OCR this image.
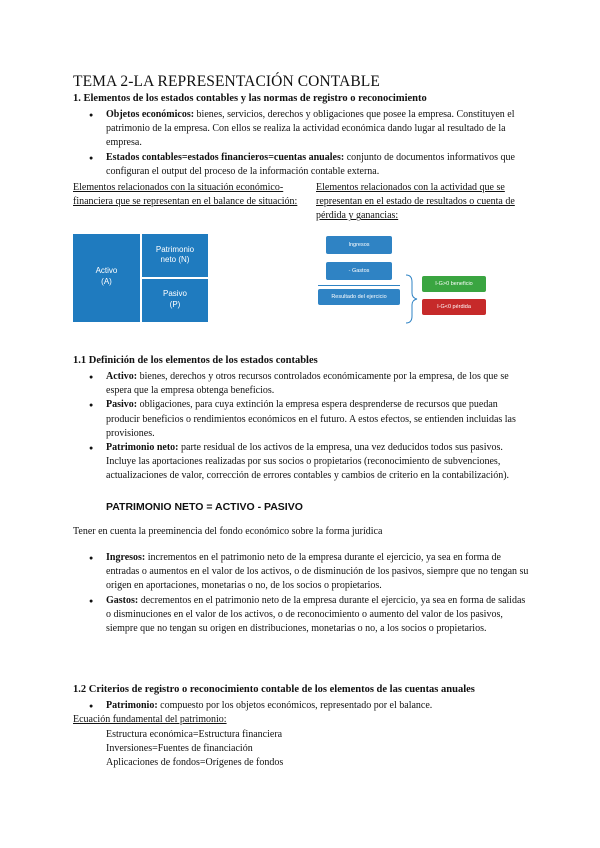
TEMA 2-LA REPRESENTACIÓN CONTABLE

1. Elementos de los estados contables y las normas de registro o reconocimiento

● Objetos económicos: bienes, servicios, derechos y obligaciones que posee la empresa. Constituyen el patrimonio de la empresa. Con ellos se realiza la actividad económica dando lugar al resultado de la empresa.
● Estados contables=estados financieros=cuentas anuales: conjunto de documentos informativos que configuran el output del proceso de la información contable externa.
Elementos relacionados con la situación económico-financiera que se representan en el balance de situación:
Elementos relacionados con la actividad que se representan en el estado de resultados o cuenta de pérdida y ganancias:
Activo
(A)
Patrimonio neto (N)
Pasivo
(P)
Ingresos
- Gastos
Resultado del ejercicio
I-G>0 beneficio
I-G<0 pérdida

1.1 Definición de los elementos de los estados contables

● Activo: bienes, derechos y otros recursos controlados económicamente por la empresa, de los que se espera que la empresa obtenga beneficios.
● Pasivo: obligaciones, para cuya extinción la empresa espera desprenderse de recursos que puedan producir beneficios o rendimientos económicos en el futuro. A estos efectos, se entienden incluidas las provisiones.
● Patrimonio neto: parte residual de los activos de la empresa, una vez deducidos todos sus pasivos. Incluye las aportaciones realizadas por sus socios o propietarios (reconocimiento de subvenciones, actualizaciones de valor, corrección de errores contables y cambios de criterio en la contabilización).
PATRIMONIO NETO = ACTIVO - PASIVO
Tener en cuenta la preeminencia del fondo económico sobre la forma jurídica
● Ingresos: incrementos en el patrimonio neto de la empresa durante el ejercicio, ya sea en forma de entradas o aumentos en el valor de los activos, o de disminución de los pasivos, siempre que no tengan su origen en aportaciones, monetarias o no, de los socios o propietarios.
● Gastos: decrementos en el patrimonio neto de la empresa durante el ejercicio, ya sea en forma de salidas o disminuciones en el valor de los activos, o de reconocimiento o aumento del valor de los pasivos, siempre que no tengan su origen en distribuciones, monetarias o no, a los socios o propietarios.

1.2 Criterios de registro o reconocimiento contable de los elementos de las cuentas anuales

● Patrimonio: compuesto por los objetos económicos, representado por el balance.
Ecuación fundamental del patrimonio:
Estructura económica=Estructura financiera
Inversiones=Fuentes de financiación
Aplicaciones de fondos=Orígenes de fondos
